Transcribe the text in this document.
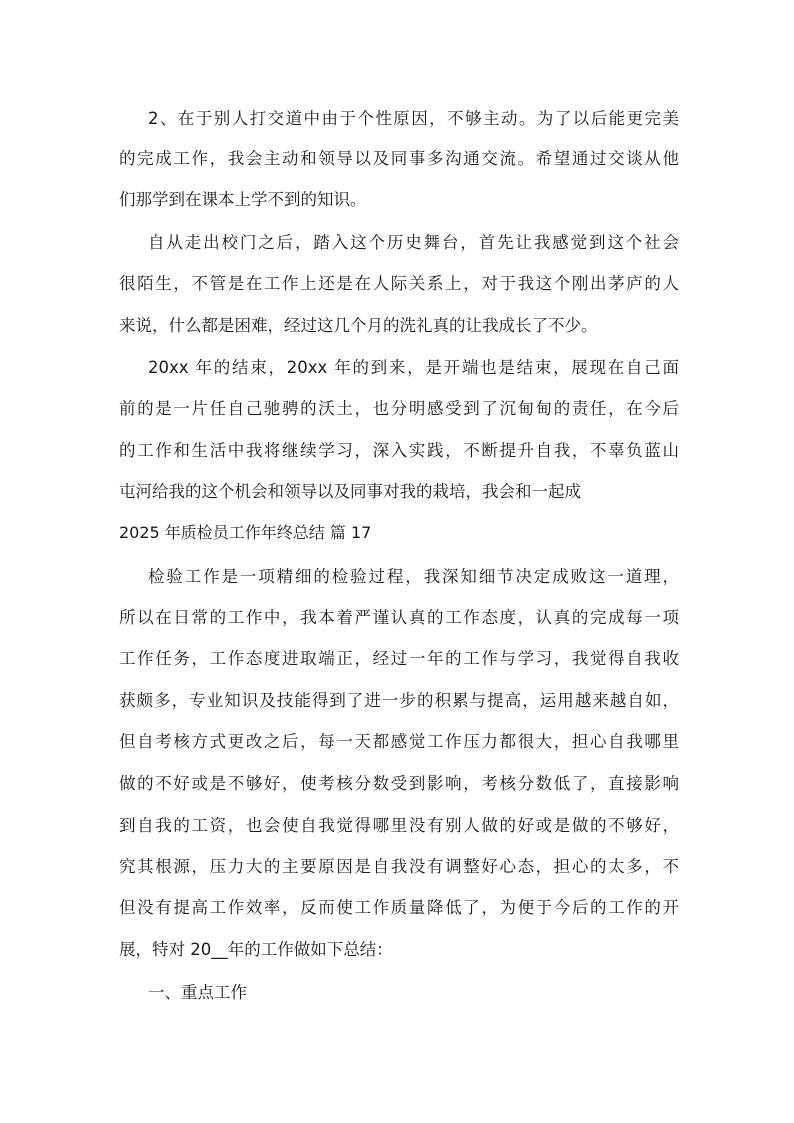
2、在于别人打交道中由于个性原因，不够主动。为了以后能更完美
的完成工作，我会主动和领导以及同事多沟通交流。希望通过交谈从他
们那学到在课本上学不到的知识。
自从走出校门之后，踏入这个历史舞台，首先让我感觉到这个社会
很陌生，不管是在工作上还是在人际关系上，对于我这个刚出茅庐的人
来说，什么都是困难，经过这几个月的洗礼真的让我成长了不少。
20xx 年的结束，20xx 年的到来，是开端也是结束，展现在自己面
前的是一片任自己驰骋的沃土，也分明感受到了沉甸甸的责任，在今后
的工作和生活中我将继续学习，深入实践，不断提升自我，不辜负蓝山
屯河给我的这个机会和领导以及同事对我的栽培，我会和一起成
2025 年质检员工作年终总结 篇 17
检验工作是一项精细的检验过程，我深知细节决定成败这一道理，
所以在日常的工作中，我本着严谨认真的工作态度，认真的完成每一项
工作任务，工作态度进取端正，经过一年的工作与学习，我觉得自我收
获颇多，专业知识及技能得到了进一步的积累与提高，运用越来越自如，
但自考核方式更改之后，每一天都感觉工作压力都很大，担心自我哪里
做的不好或是不够好，使考核分数受到影响，考核分数低了，直接影响
到自我的工资，也会使自我觉得哪里没有别人做的好或是做的不够好，
究其根源，压力大的主要原因是自我没有调整好心态，担心的太多，不
但没有提高工作效率，反而使工作质量降低了，为便于今后的工作的开
展，特对 20__年的工作做如下总结：
一、重点工作
